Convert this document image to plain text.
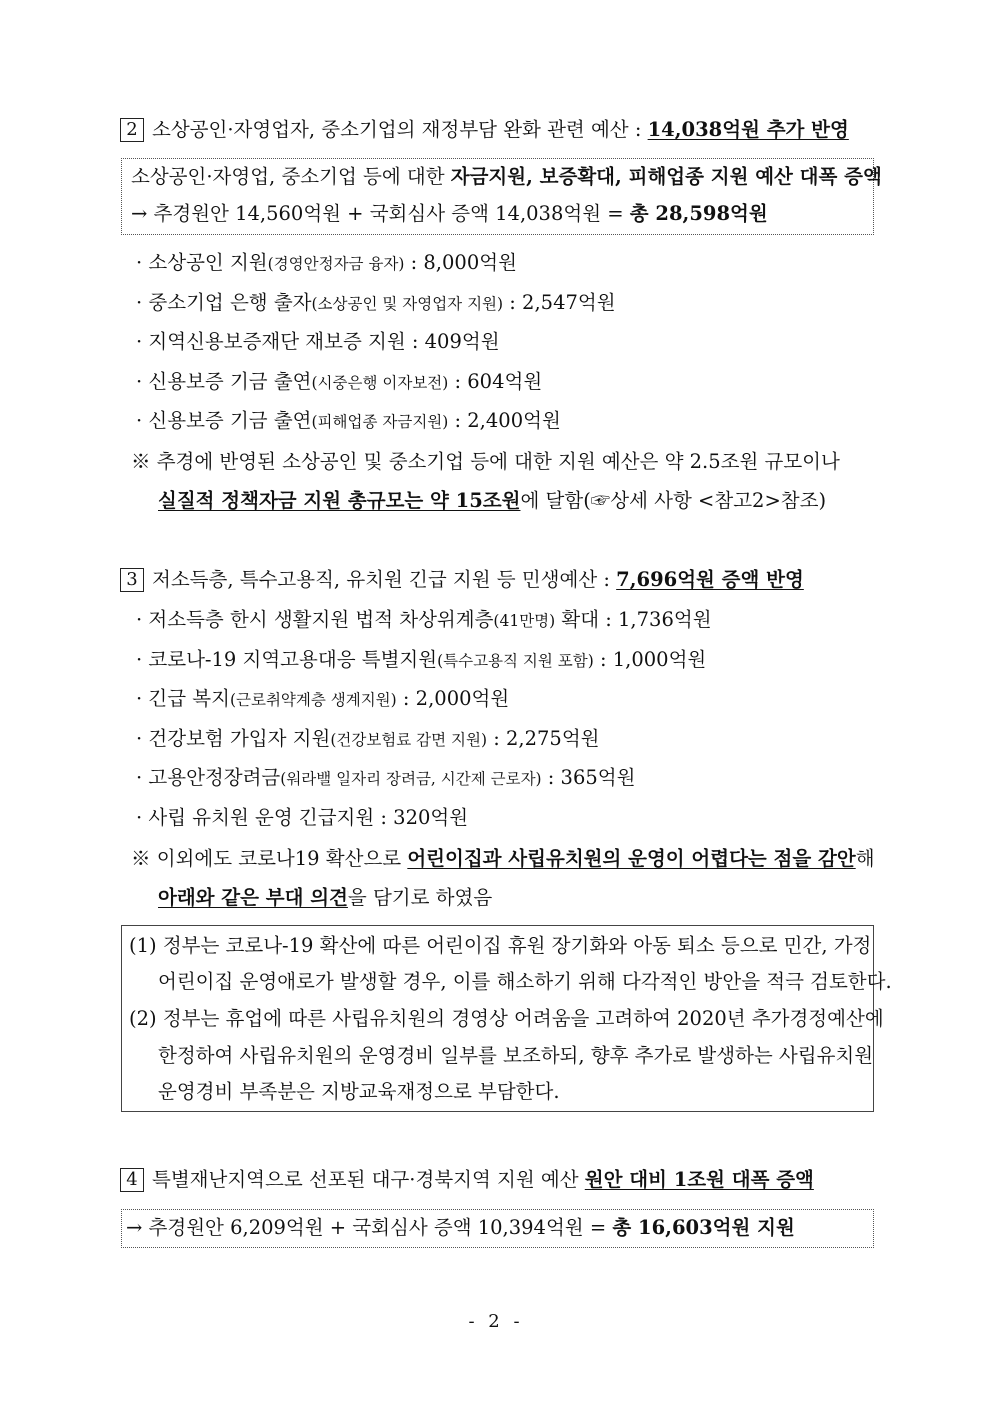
2 소상공인·자영업자, 중소기업의 재정부담 완화 관련 예산 : 14,038억원 추가 반영
소상공인·자영업, 중소기업 등에 대한 자금지원, 보증확대, 피해업종 지원 예산 대폭 증액
→ 추경원안 14,560억원 + 국회심사 증액 14,038억원 = 총 28,598억원
· 소상공인 지원(경영안정자금 융자) : 8,000억원
· 중소기업 은행 출자(소상공인 및 자영업자 지원) : 2,547억원
· 지역신용보증재단 재보증 지원 : 409억원
· 신용보증 기금 출연(시중은행 이자보전) : 604억원
· 신용보증 기금 출연(피해업종 자금지원) : 2,400억원
※ 추경에 반영된 소상공인 및 중소기업 등에 대한 지원 예산은 약 2.5조원 규모이나
실질적 정책자금 지원 총규모는 약 15조원에 달함(☞상세 사항 <참고2>참조)
3 저소득층, 특수고용직, 유치원 긴급 지원 등 민생예산 : 7,696억원 증액 반영
· 저소득층 한시 생활지원 법적 차상위계층(41만명) 확대 : 1,736억원
· 코로나-19 지역고용대응 특별지원(특수고용직 지원 포함) : 1,000억원
· 긴급 복지(근로취약계층 생계지원) : 2,000억원
· 건강보험 가입자 지원(건강보험료 감면 지원) : 2,275억원
· 고용안정장려금(워라밸 일자리 장려금, 시간제 근로자) : 365억원
· 사립 유치원 운영 긴급지원 : 320억원
※ 이외에도 코로나19 확산으로 어린이집과 사립유치원의 운영이 어렵다는 점을 감안해
아래와 같은 부대 의견을 담기로 하였음
(1) 정부는 코로나-19 확산에 따른 어린이집 휴원 장기화와 아동 퇴소 등으로 민간, 가정
어린이집 운영애로가 발생할 경우, 이를 해소하기 위해 다각적인 방안을 적극 검토한다.
(2) 정부는 휴업에 따른 사립유치원의 경영상 어려움을 고려하여 2020년 추가경정예산에
한정하여 사립유치원의 운영경비 일부를 보조하되, 향후 추가로 발생하는 사립유치원
운영경비 부족분은 지방교육재정으로 부담한다.
4 특별재난지역으로 선포된 대구·경북지역 지원 예산 원안 대비 1조원 대폭 증액
→ 추경원안 6,209억원 + 국회심사 증액 10,394억원 = 총 16,603억원 지원
- 2 -
